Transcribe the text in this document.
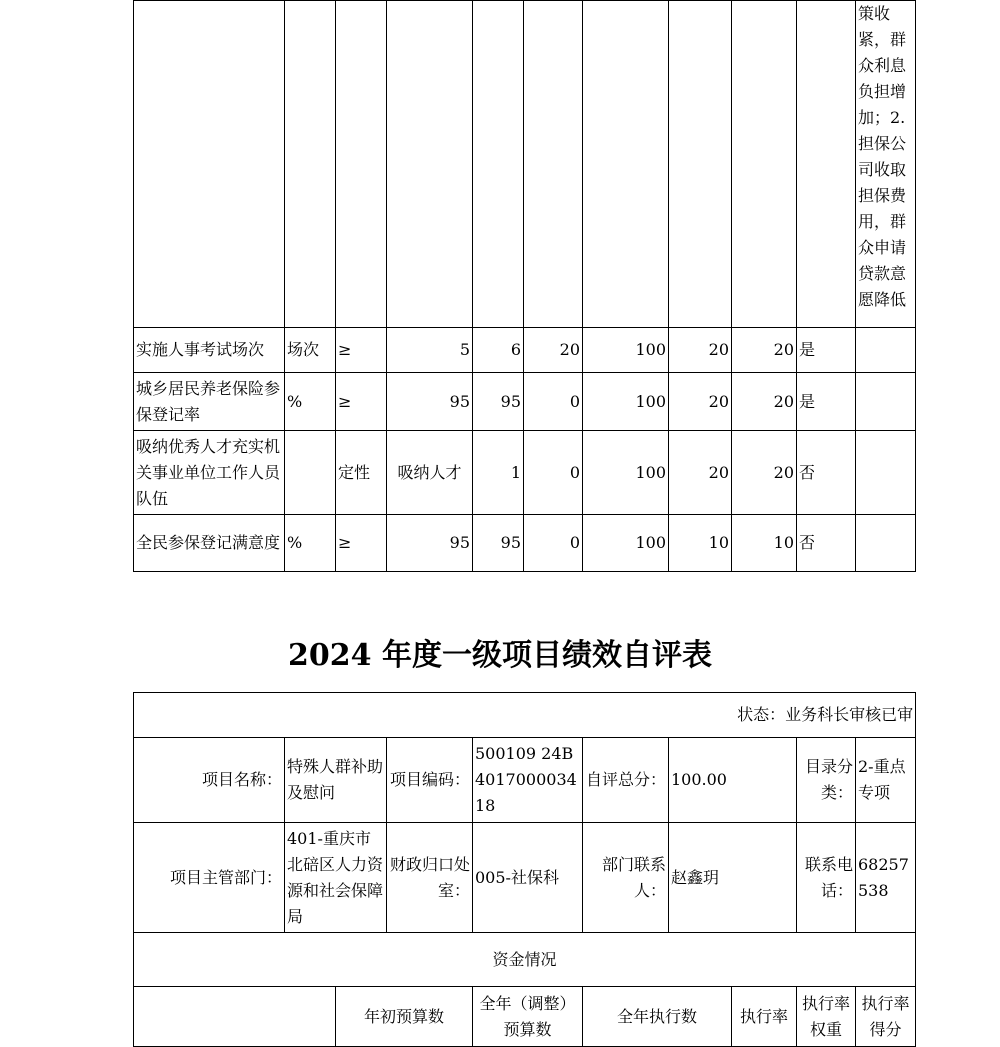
										策收紧，群众利息负担增加；2.担保公司收取担保费用，群众申请贷款意愿降低
实施人事考试场次	场次	≥	5	6	20	100	20	20	是	
城乡居民养老保险参保登记率	%	≥	95	95	0	100	20	20	是	
吸纳优秀人才充实机关事业单位工作人员队伍		定性	吸纳人才	1	0	100	20	20	否	
全民参保登记满意度	%	≥	95	95	0	100	10	10	否	
2024 年度一级项目绩效自评表
状态：业务科长审核已审									
项目名称：	特殊人群补助及慰问		项目编码：	500109 24B401700003418	自评总分：	100.00		目录分类：	2-重点专项
项目主管部门：	401-重庆市北碚区人力资源和社会保障局		财政归口处室：	005-社保科	部门联系人：	赵鑫玥		联系电话：	68257538
资金情况									
		年初预算数		全年（调整）预算数	全年执行数		执行率	执行率权重	执行率得分
